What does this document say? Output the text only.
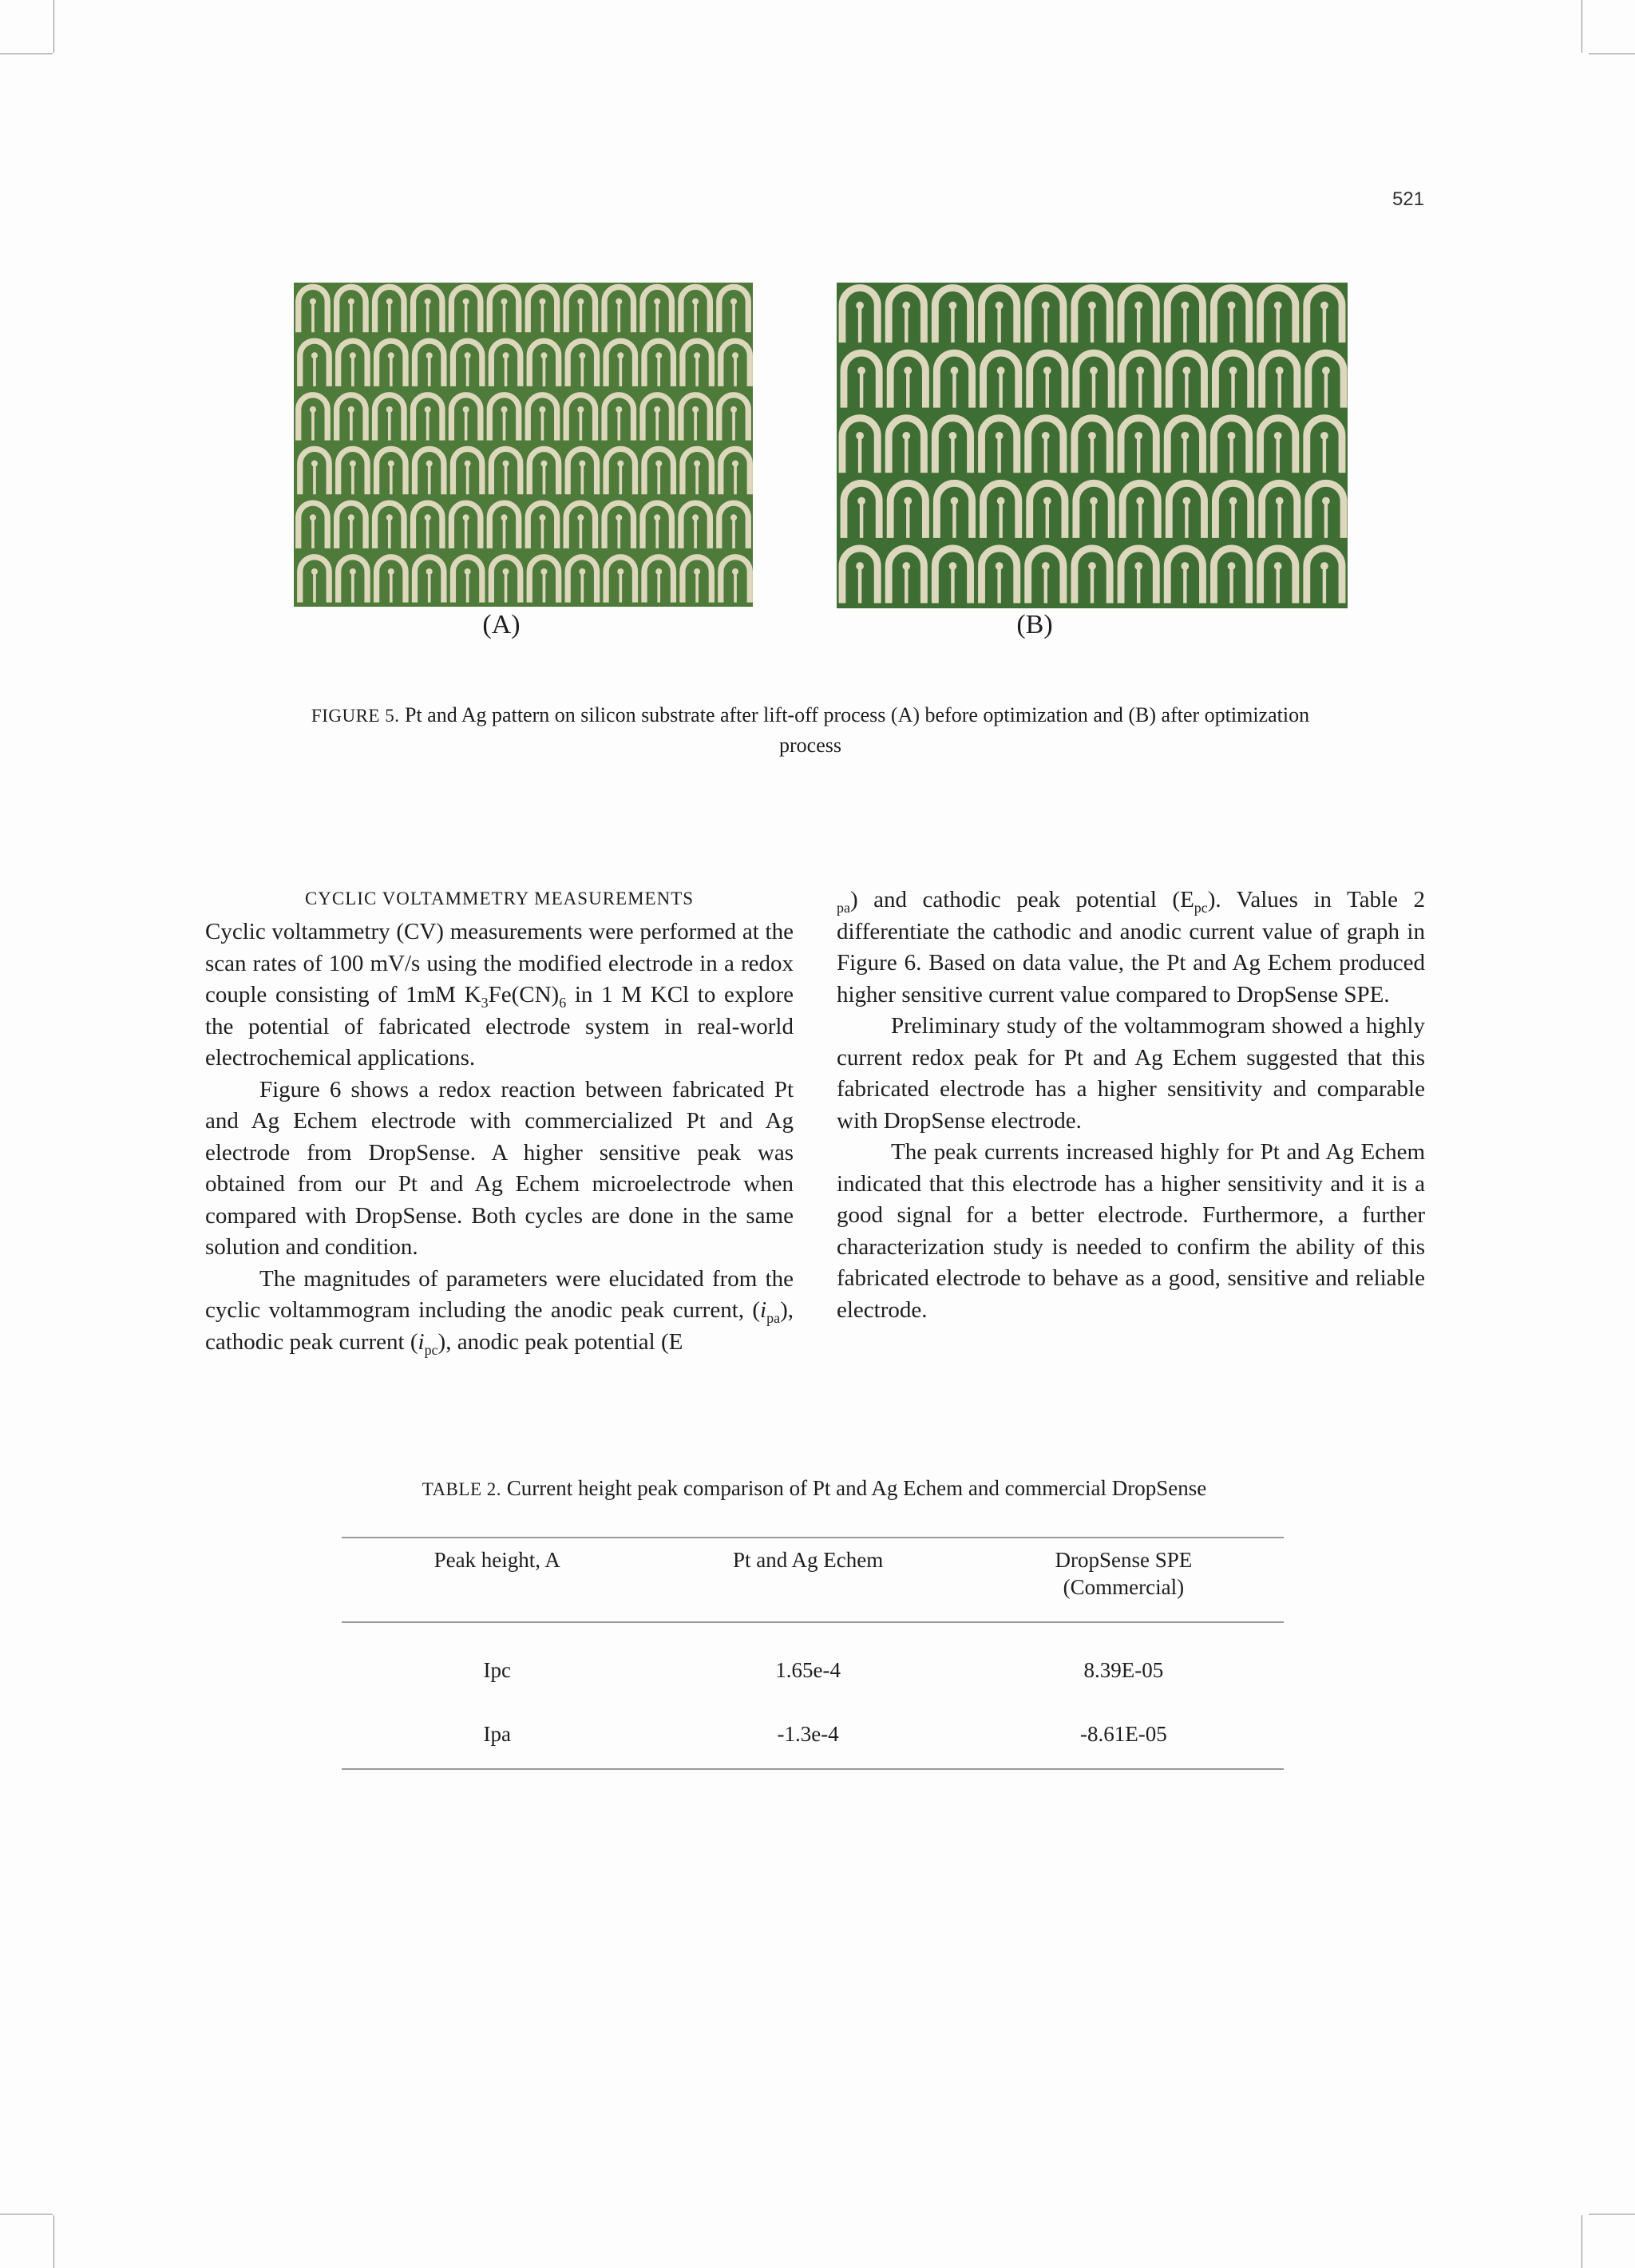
521
(A)	(B)
FIGURE 5. Pt and Ag pattern on silicon substrate after lift-off process (A) before optimization and (B) after optimization process

CYCLIC VOLTAMMETRY MEASUREMENTS

Cyclic voltammetry (CV) measurements were performed at the scan rates of 100 mV/s using the modified electrode in a redox couple consisting of 1mM $K_3Fe(CN)_6$ in 1 M KCl to explore the potential of fabricated electrode system in real-world electrochemical applications.

Figure 6 shows a redox reaction between fabricated Pt and Ag Echem electrode with commercialized Pt and Ag electrode from DropSense. A higher sensitive peak was obtained from our Pt and Ag Echem microelectrode when compared with DropSense. Both cycles are done in the same solution and condition.

The magnitudes of parameters were elucidated from the cyclic voltammogram including the anodic peak current, $(i_{pa})$, cathodic peak current $(i_{pc})$, anodic peak potential (E

$_{pa}$) and cathodic peak potential $(E_{pc})$. Values in Table 2 differentiate the cathodic and anodic current value of graph in Figure 6. Based on data value, the Pt and Ag Echem produced higher sensitive current value compared to DropSense SPE.

Preliminary study of the voltammogram showed a highly current redox peak for Pt and Ag Echem suggested that this fabricated electrode has a higher sensitivity and comparable with DropSense electrode.

The peak currents increased highly for Pt and Ag Echem indicated that this electrode has a higher sensitivity and it is a good signal for a better electrode. Furthermore, a further characterization study is needed to confirm the ability of this fabricated electrode to behave as a good, sensitive and reliable electrode.

TABLE 2. Current height peak comparison of Pt and Ag Echem and commercial DropSense
Peak height, A	Pt and Ag Echem	DropSense SPE
(Commercial)
Ipc	1.65e-4	8.39E-05
Ipa	-1.3e-4	-8.61E-05
